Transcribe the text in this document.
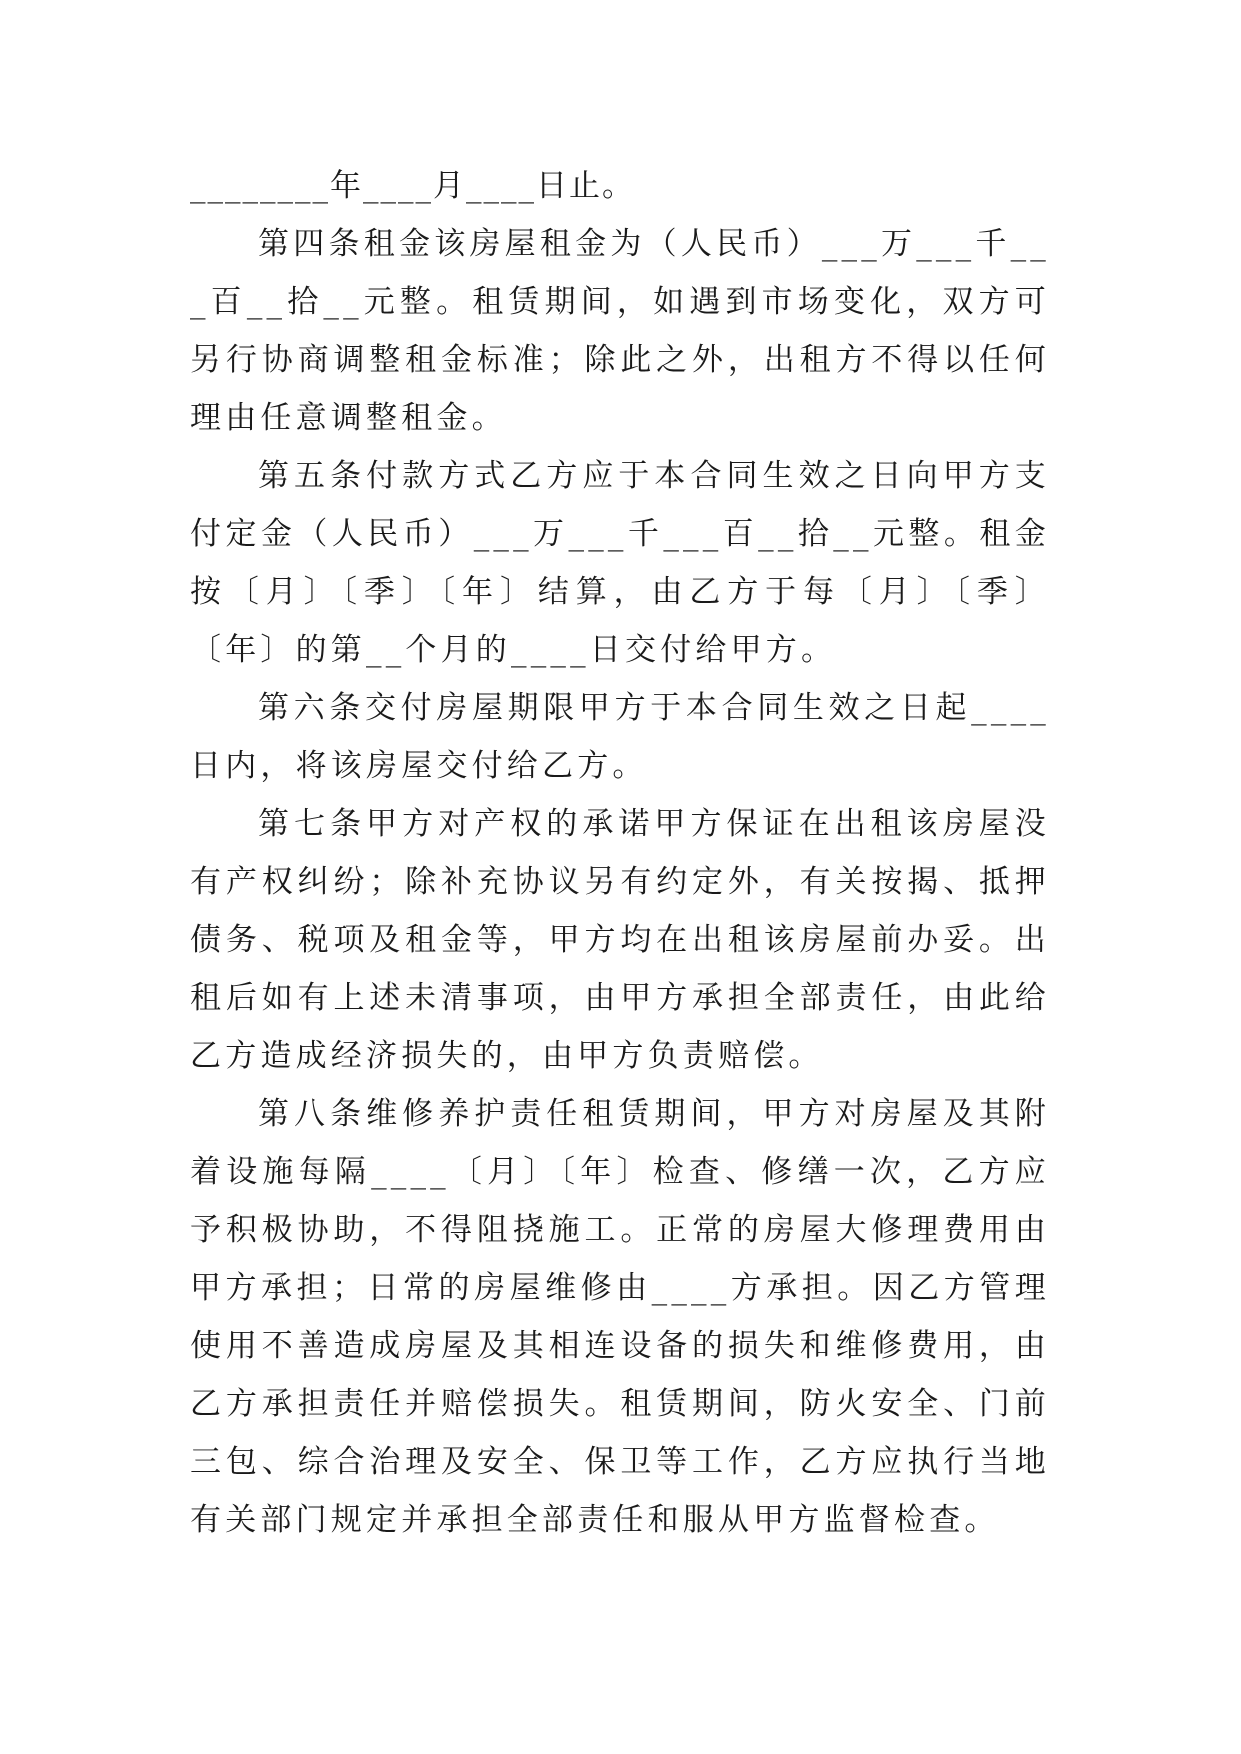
________年____月____日止。

第四条租金该房屋租金为（人民币）___万___千___百__拾__元整。租赁期间，如遇到市场变化，双方可另行协商调整租金标准；除此之外，出租方不得以任何理由任意调整租金。

第五条付款方式乙方应于本合同生效之日向甲方支付定金（人民币）___万___千___百__拾__元整。租金按〔月〕〔季〕〔年〕结算，由乙方于每〔月〕〔季〕〔年〕的第__个月的____日交付给甲方。

第六条交付房屋期限甲方于本合同生效之日起____日内，将该房屋交付给乙方。

第七条甲方对产权的承诺甲方保证在出租该房屋没有产权纠纷；除补充协议另有约定外，有关按揭、抵押债务、税项及租金等，甲方均在出租该房屋前办妥。出租后如有上述未清事项，由甲方承担全部责任，由此给乙方造成经济损失的，由甲方负责赔偿。

第八条维修养护责任租赁期间，甲方对房屋及其附着设施每隔____〔月〕〔年〕检查、修缮一次，乙方应予积极协助，不得阻挠施工。正常的房屋大修理费用由甲方承担；日常的房屋维修由____方承担。因乙方管理使用不善造成房屋及其相连设备的损失和维修费用，由乙方承担责任并赔偿损失。租赁期间，防火安全、门前三包、综合治理及安全、保卫等工作，乙方应执行当地有关部门规定并承担全部责任和服从甲方监督检查。
